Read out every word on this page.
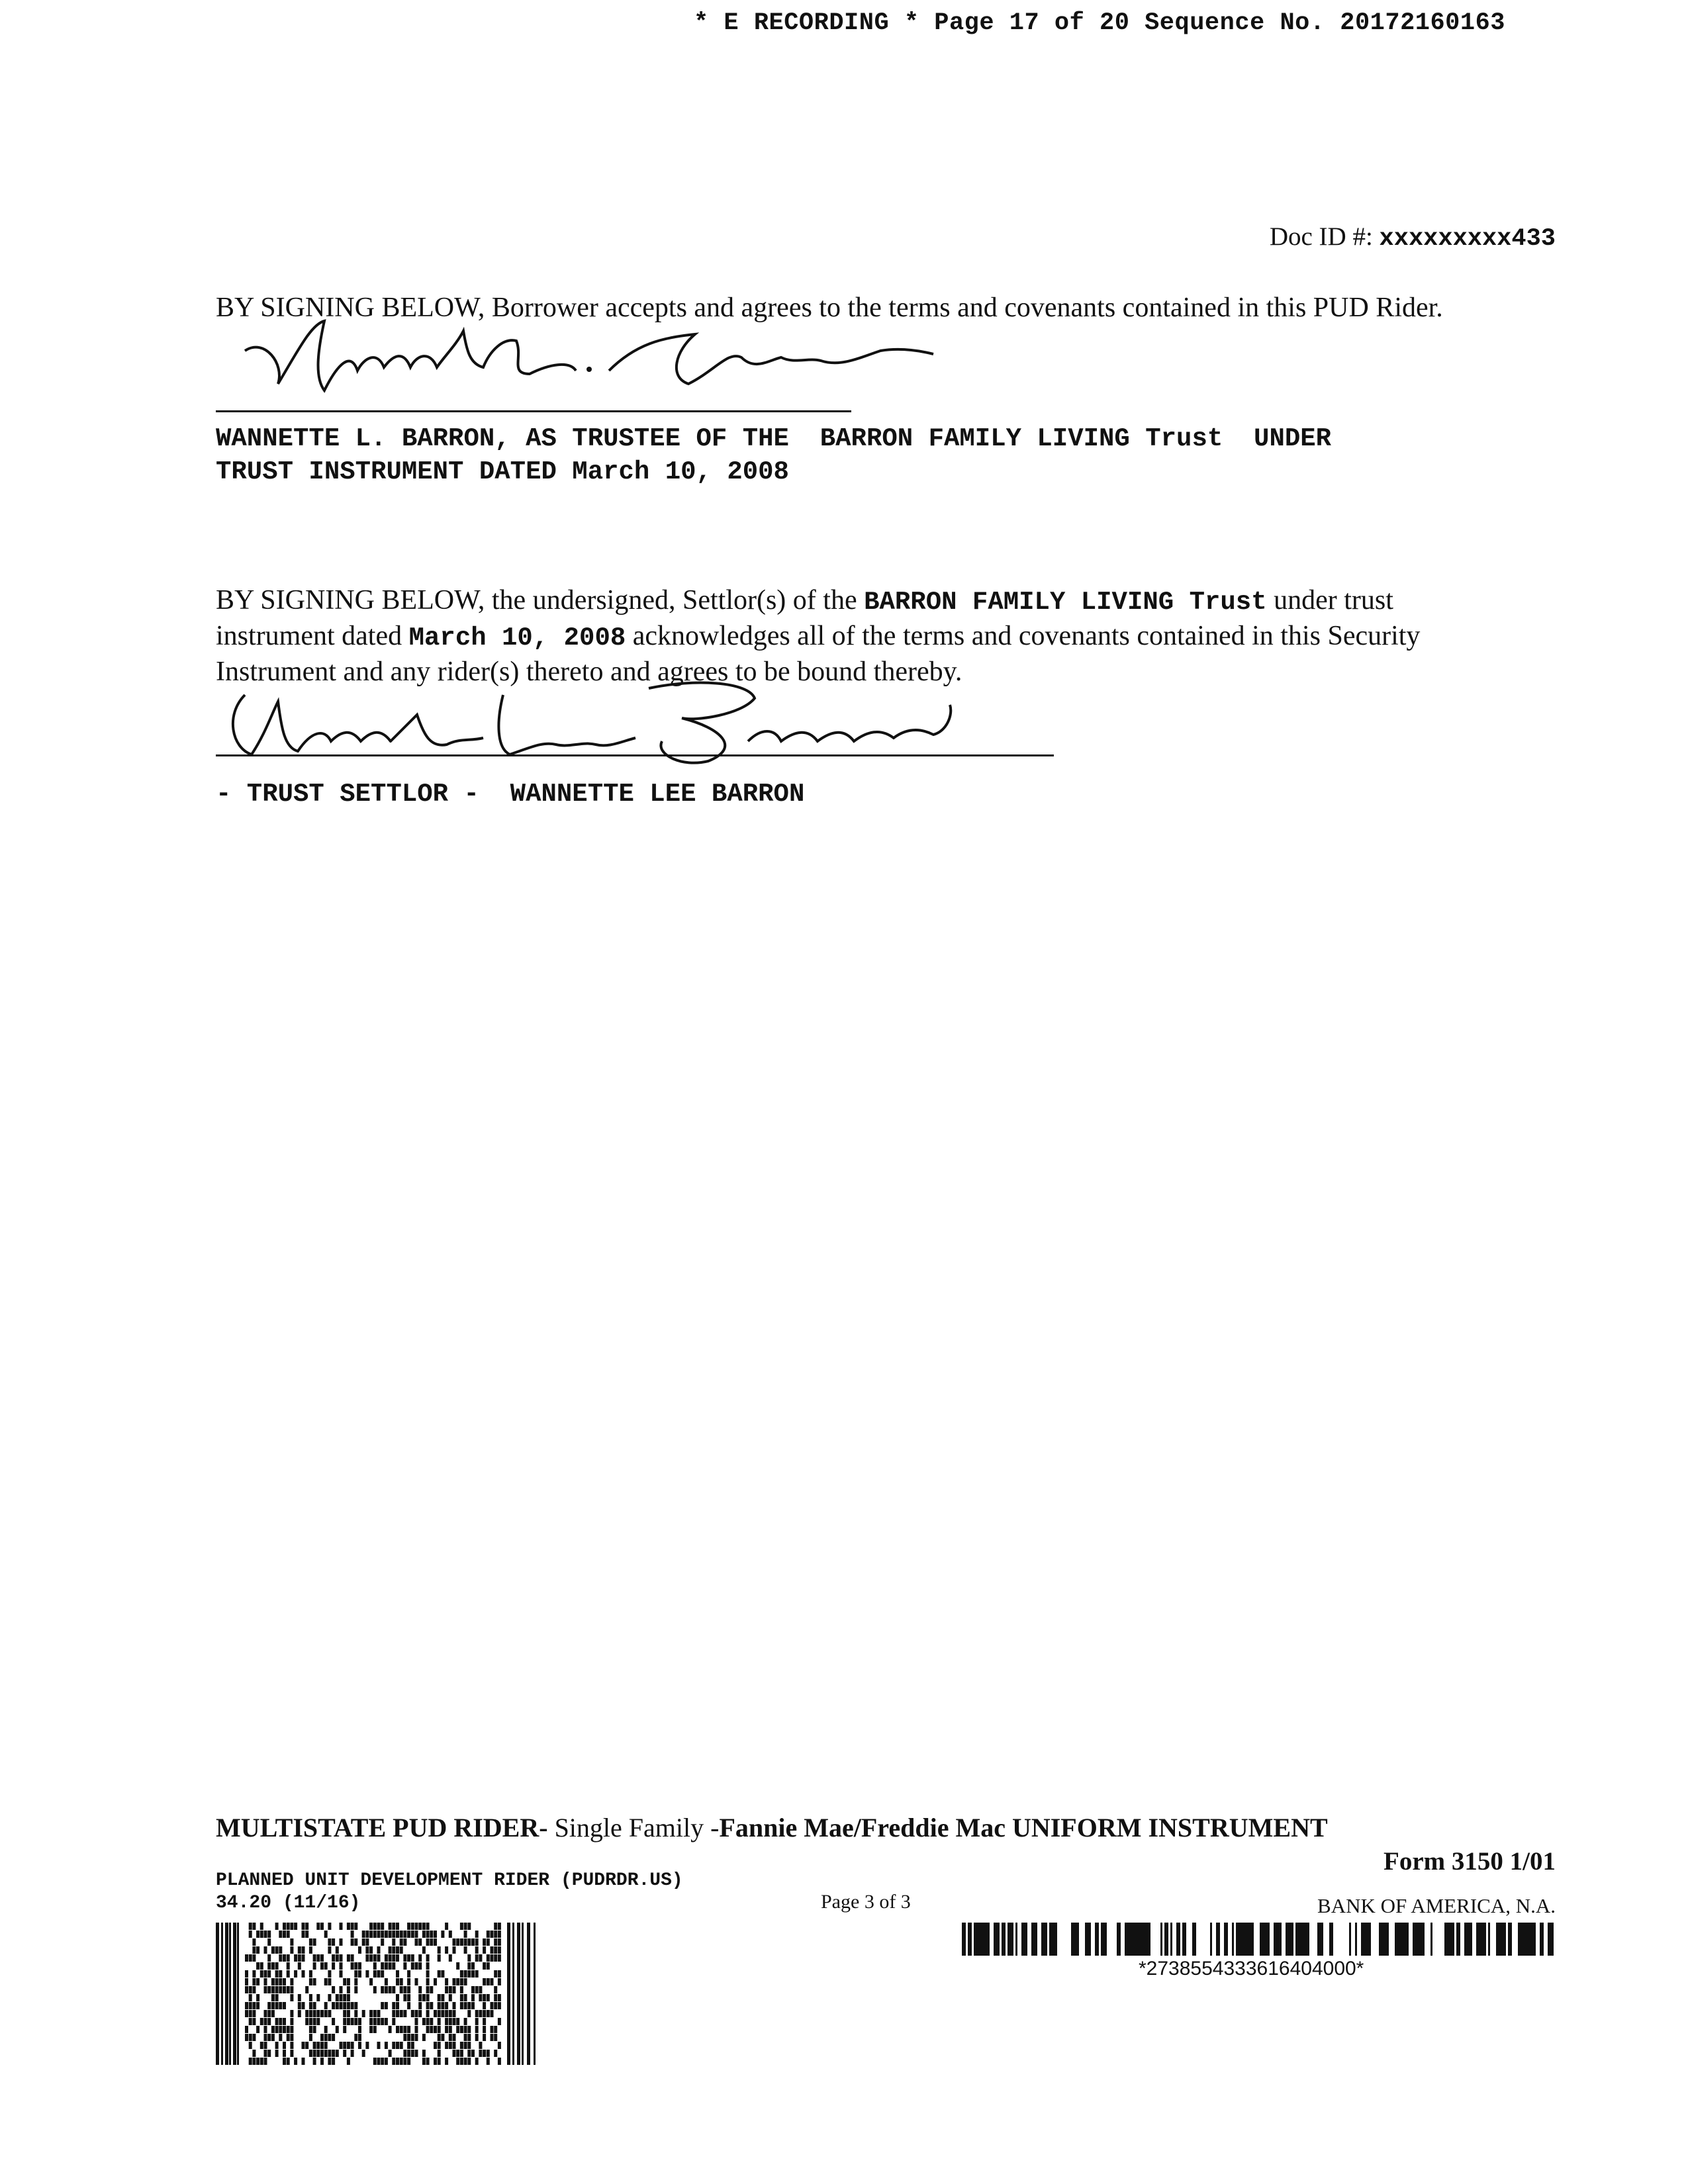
* E RECORDING * Page 17 of 20 Sequence No. 20172160163
Doc ID #: xxxxxxxxx433
BY SIGNING BELOW, Borrower accepts and agrees to the terms and covenants contained in this PUD Rider.
WANNETTE L. BARRON, AS TRUSTEE OF THE  BARRON FAMILY LIVING Trust  UNDER
TRUST INSTRUMENT DATED March 10, 2008
BY SIGNING BELOW, the undersigned, Settlor(s) of the BARRON FAMILY LIVING Trust under trust
instrument dated March 10, 2008 acknowledges all of the terms and covenants contained in this Security
Instrument and any rider(s) thereto and agrees to be bound thereby.
- TRUST SETTLOR -  WANNETTE LEE BARRON
MULTISTATE PUD RIDER- Single Family -Fannie Mae/Freddie Mac UNIFORM INSTRUMENT
Form 3150 1/01
PLANNED UNIT DEVELOPMENT RIDER (PUDRDR.US)
34.20 (11/16)	Page 3 of 3	BANK OF AMERICA, N.A.
*2738554333616404000*
